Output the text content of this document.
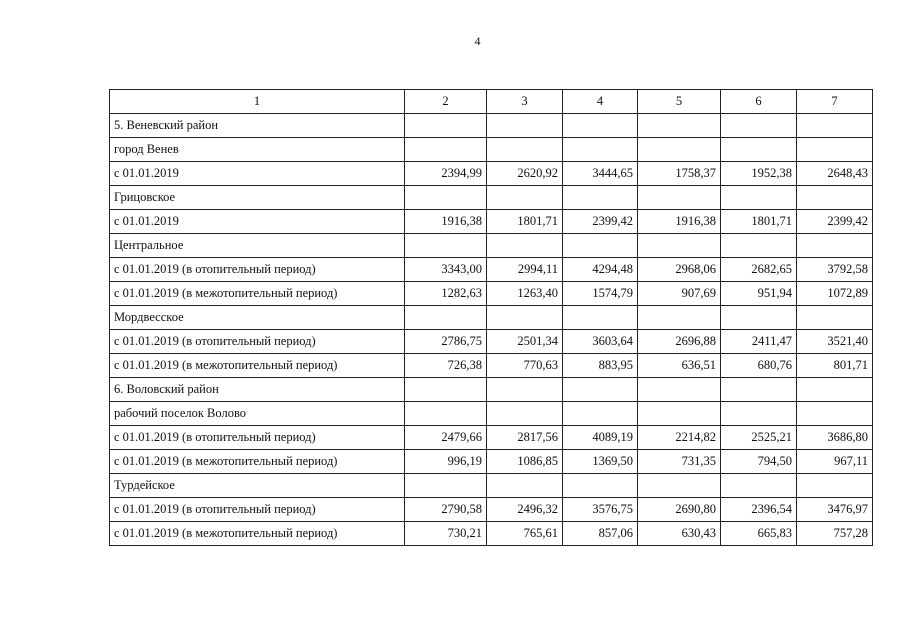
4
1	2	3	4	5	6	7
5. Веневский район						
город Венев						
с 01.01.2019	2394,99	2620,92	3444,65	1758,37	1952,38	2648,43
Грицовское						
с 01.01.2019	1916,38	1801,71	2399,42	1916,38	1801,71	2399,42
Центральное						
с 01.01.2019 (в отопительный период)	3343,00	2994,11	4294,48	2968,06	2682,65	3792,58
с 01.01.2019 (в межотопительный период)	1282,63	1263,40	1574,79	907,69	951,94	1072,89
Мордвесское						
с 01.01.2019 (в отопительный период)	2786,75	2501,34	3603,64	2696,88	2411,47	3521,40
с 01.01.2019 (в межотопительный период)	726,38	770,63	883,95	636,51	680,76	801,71
6. Воловский район						
рабочий поселок Волово						
с 01.01.2019 (в отопительный период)	2479,66	2817,56	4089,19	2214,82	2525,21	3686,80
с 01.01.2019 (в межотопительный период)	996,19	1086,85	1369,50	731,35	794,50	967,11
Турдейское						
с 01.01.2019 (в отопительный период)	2790,58	2496,32	3576,75	2690,80	2396,54	3476,97
с 01.01.2019 (в межотопительный период)	730,21	765,61	857,06	630,43	665,83	757,28
